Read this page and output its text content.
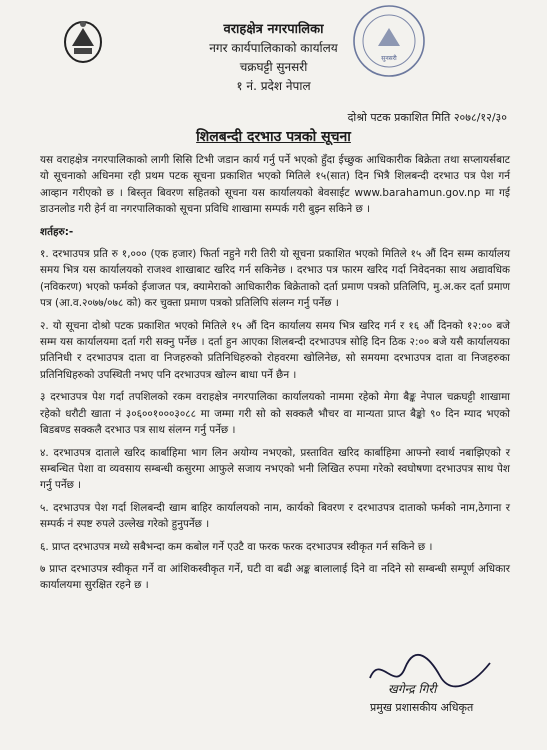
वराहक्षेत्र नगरपालिका
नगर कार्यपालिकाको कार्यालय
चक्रघट्टी सुनसरी
१ नं. प्रदेश नेपाल
सुनसरी
दोश्रो पटक प्रकाशित मिति २०७८/१२/३०
शिलबन्दी दरभाउ पत्रको सूचना

यस वराहक्षेत्र नगरपालिकाको लागी सिसि टिभी जडान कार्य गर्नु पर्ने भएको हुँदा ईच्छुक आधिकारीक बिक्रेता तथा सप्लायर्सबाट यो सूचनाको अधिनमा रही प्रथम पटक सूचना प्रकाशित भएको मितिले १५(सात) दिन भित्रै शिलबन्दी दरभाउ पत्र पेश गर्न आव्हान गरीएको छ । बिस्तृत बिवरण सहितको सूचना यस कार्यालयको बेवसाईट www.barahamun.gov.np मा गई डाउनलोड गरी हेर्न वा नगरपालिकाको सूचना प्रविधि शाखामा सम्पर्क गरी बुझ्न सकिने छ ।

शर्तहरु:-

१. दरभाउपत्र प्रति रु १,००० (एक हजार) फिर्ता नहुने गरी तिरी यो सूचना प्रकाशित भएको मितिले १५ औं दिन सम्म कार्यालय समय भित्र यस कार्यालयको राजश्व शाखाबाट खरिद गर्न सकिनेछ । दरभाउ पत्र फारम खरिद गर्दा निवेदनका साथ अद्यावधिक (नविकरण) भएको फर्मको ईजाजत पत्र, क्यामेराको आधिकारीक बिक्रेताको दर्ता प्रमाण पत्रको प्रतिलिपि, मु.अ.कर दर्ता प्रमाण पत्र (आ.व.२०७७/०७८ को) कर चुक्ता प्रमाण पत्रको प्रतिलिपि संलग्न गर्नु पर्नेछ ।

२. यो सूचना दोश्रो पटक प्रकाशित भएको मितिले १५ औं दिन कार्यालय समय भित्र खरिद गर्न र १६ औं दिनको १२:०० बजे सम्म यस कार्यालयमा दर्ता गरी सक्नु पर्नेछ । दर्ता हुन आएका शिलबन्दी दरभाउपत्र सोहि दिन ठिक २:०० बजे यसै कार्यालयका प्रतिनिधी र दरभाउपत्र दाता वा निजहरुको प्रतिनिधिहरुको रोहवरमा खोलिनेछ, सो समयमा दरभाउपत्र दाता वा निजहरुका प्रतिनिधिहरुको उपस्थिती नभए पनि दरभाउपत्र खोल्न बाधा पर्ने छैन ।

३ दरभाउपत्र पेश गर्दा तपशिलको रकम वराहक्षेत्र नगरपालिका कार्यालयको नाममा रहेको मेगा बैङ्क नेपाल चक्रघट्टी शाखामा रहेको धरौटी खाता नं ३०६००१०००३०८८ मा जम्मा गरी सो को सक्कलै भौचर वा मान्यता प्राप्त बैङ्को ९० दिन म्याद भएको बिडबण्ड सक्कलै दरभाउ पत्र साथ संलग्न गर्नु पर्नेछ ।

४. दरभाउपत्र दाताले खरिद कार्बाहिमा भाग लिन अयोग्य नभएको, प्रस्तावित खरिद कार्बाहिमा आफ्नो स्वार्थ नबाझिएको र सम्बन्धित पेशा वा व्यवसाय सम्बन्धी कसुरमा आफुले सजाय नभएको भनी लिखित रुपमा गरेको स्वघोषणा दरभाउपत्र साथ पेश गर्नु पर्नेछ ।

५. दरभाउपत्र पेश गर्दा शिलबन्दी खाम बाहिर कार्यालयको नाम, कार्यको बिवरण र दरभाउपत्र दाताको फर्मको नाम,ठेगाना र सम्पर्क नं स्पष्ट रुपले उल्लेख गरेको हुनुपर्नेछ ।

६. प्राप्त दरभाउपत्र मध्ये सबैभन्दा कम कबोल गर्ने एउटै वा फरक फरक दरभाउपत्र स्वीकृत गर्न सकिने छ ।

७ प्राप्त दरभाउपत्र स्वीकृत गर्ने वा आंशिकस्वीकृत गर्ने, घटी वा बढी अङ्क बालालाई दिने वा नदिने सो सम्बन्धी सम्पूर्ण अधिकार कार्यालयमा सुरक्षित रहने छ ।

खगेन्द्र गिरी
प्रमुख प्रशासकीय अधिकृत
